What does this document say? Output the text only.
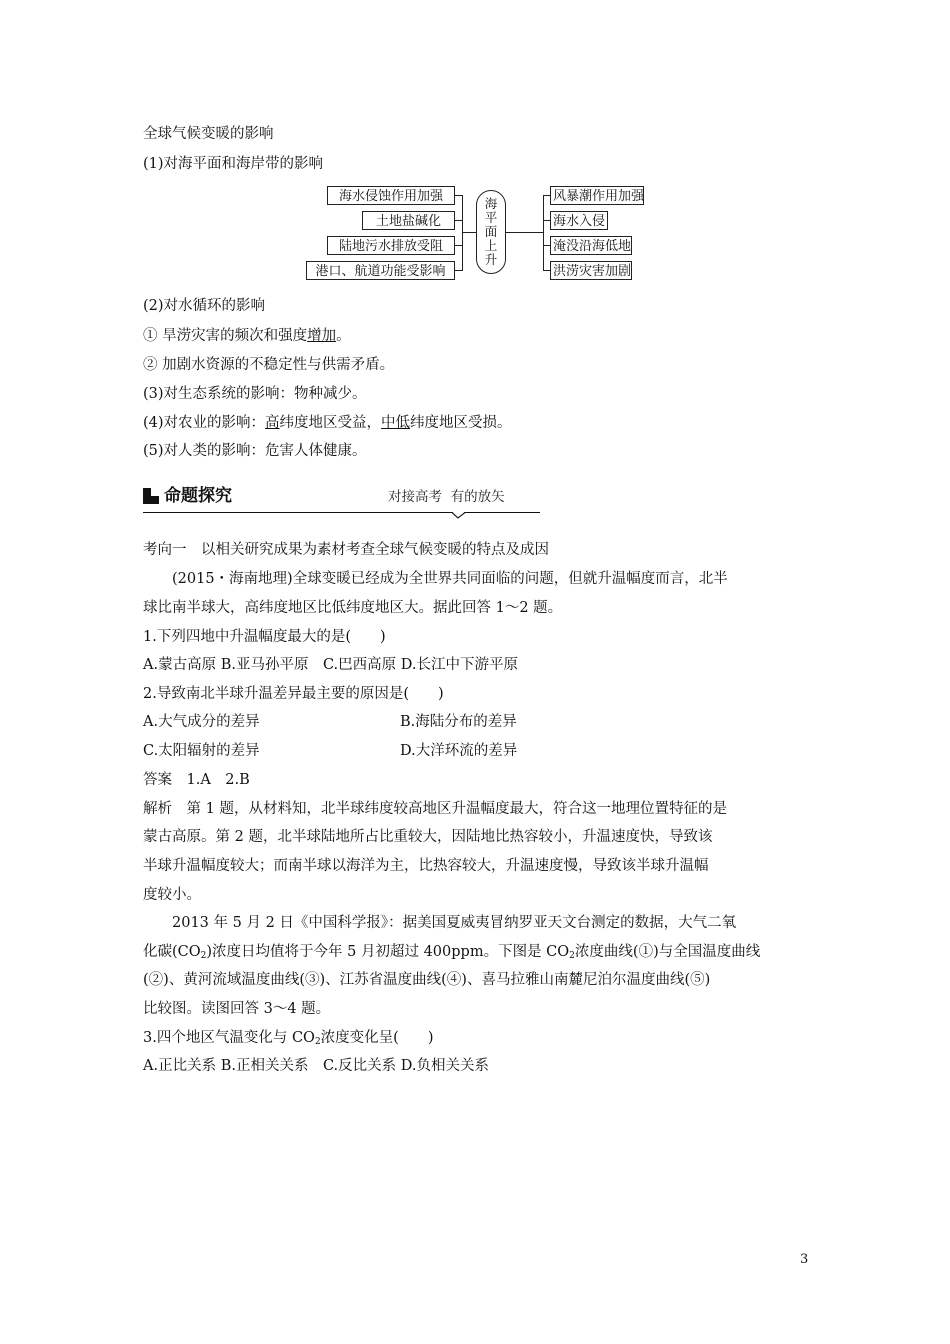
全球气候变暖的影响
(1)对海平面和海岸带的影响
海水侵蚀作用加强
土地盐碱化
陆地污水排放受阻
港口、航道功能受影响
海
平
面
上
升
风暴潮作用加强
海水入侵
淹没沿海低地
洪涝灾害加剧
(2)对水循环的影响
① 旱涝灾害的频次和强度增加。
② 加剧水资源的不稳定性与供需矛盾。
(3)对生态系统的影响：物种减少。
(4)对农业的影响：高纬度地区受益，中低纬度地区受损。
(5)对人类的影响：危害人体健康。
命题探究	对接高考  有的放矢
考向一　以相关研究成果为素材考查全球气候变暖的特点及成因
(2015・海南地理)全球变暖已经成为全世界共同面临的问题，但就升温幅度而言，北半
球比南半球大，高纬度地区比低纬度地区大。据此回答 1～2 题。
1.下列四地中升温幅度最大的是(　　)
A.蒙古高原 B.亚马孙平原　C.巴西高原 D.长江中下游平原
2.导致南北半球升温差异最主要的原因是(　　)
A.大气成分的差异	B.海陆分布的差异
C.太阳辐射的差异	D.大洋环流的差异
答案　1.A　2.B
解析　第 1 题，从材料知，北半球纬度较高地区升温幅度最大，符合这一地理位置特征的是
蒙古高原。第 2 题，北半球陆地所占比重较大，因陆地比热容较小，升温速度快，导致该
半球升温幅度较大；而南半球以海洋为主，比热容较大，升温速度慢，导致该半球升温幅
度较小。
2013 年 5 月 2 日《中国科学报》：据美国夏威夷冒纳罗亚天文台测定的数据，大气二氧
化碳$(CO_2)$浓度日均值将于今年 5 月初超过 400ppm。下图是 $CO_2$浓度曲线(①)与全国温度曲线
(②)、黄河流域温度曲线(③)、江苏省温度曲线(④)、喜马拉雅山南麓尼泊尔温度曲线(⑤)
比较图。读图回答 3～4 题。
3.四个地区气温变化与 $CO_2$浓度变化呈(　　)
A.正比关系 B.正相关关系　C.反比关系 D.负相关关系
3
